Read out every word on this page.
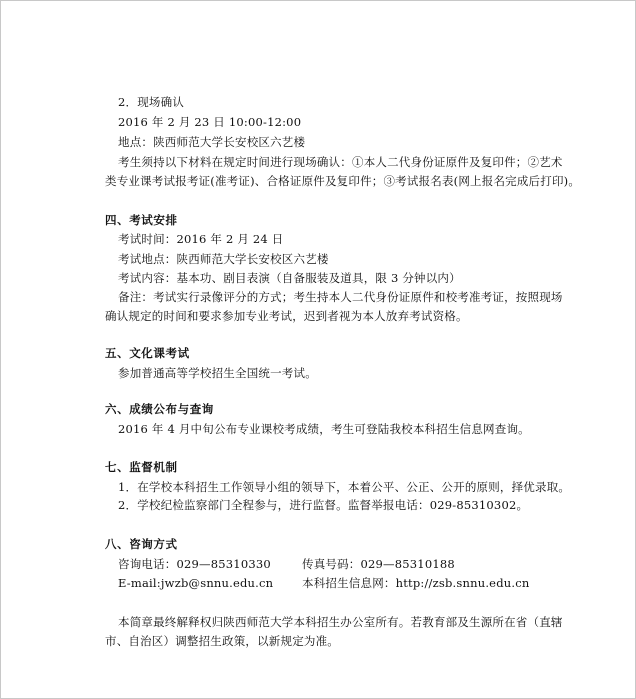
2．现场确认
2016 年 2 月 23 日 10:00-12:00
地点：陕西师范大学长安校区六艺楼
考生须持以下材料在规定时间进行现场确认：①本人二代身份证原件及复印件；②艺术
类专业课考试报考证(准考证)、合格证原件及复印件；③考试报名表(网上报名完成后打印)。
四、考试安排
考试时间：2016 年 2 月 24 日
考试地点：陕西师范大学长安校区六艺楼
考试内容：基本功、剧目表演（自备服装及道具，限 3 分钟以内）
备注：考试实行录像评分的方式；考生持本人二代身份证原件和校考准考证，按照现场
确认规定的时间和要求参加专业考试，迟到者视为本人放弃考试资格。
五、文化课考试
参加普通高等学校招生全国统一考试。
六、成绩公布与查询
2016 年 4 月中旬公布专业课校考成绩，考生可登陆我校本科招生信息网查询。
七、监督机制
1．在学校本科招生工作领导小组的领导下，本着公平、公正、公开的原则，择优录取。
2．学校纪检监察部门全程参与，进行监督。监督举报电话：029-85310302。
八、咨询方式
咨询电话：029—85310330	传真号码：029—85310188
E-mail:jwzb@snnu.edu.cn 本科招生信息网：http://zsb.snnu.edu.cn
本简章最终解释权归陕西师范大学本科招生办公室所有。若教育部及生源所在省（直辖
市、自治区）调整招生政策，以新规定为准。
